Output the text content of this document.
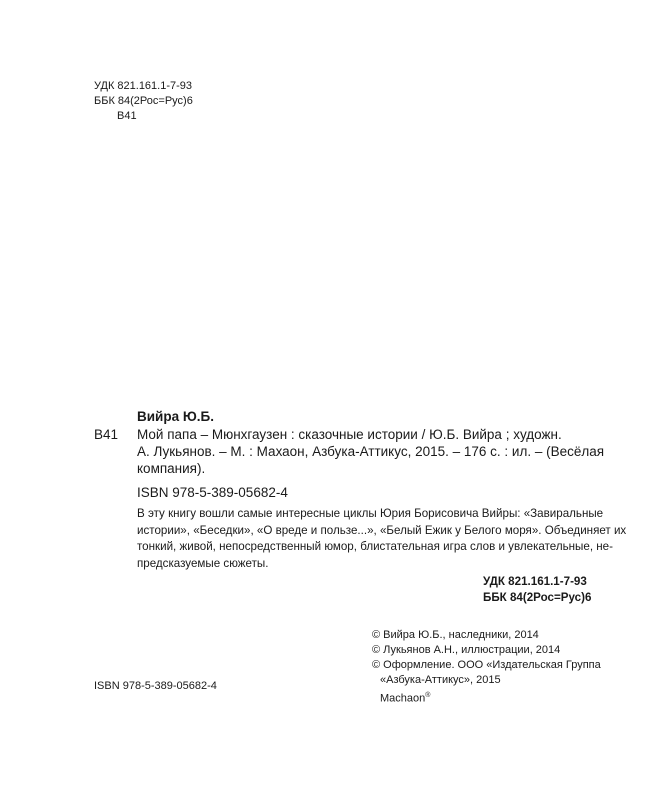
УДК 821.161.1-7-93
ББК 84(2Рос=Рус)6
В41
Вийра Ю.Б.
В41 Мой папа – Мюнхгаузен : сказочные истории / Ю.Б. Вийра ; художн.
А. Лукьянов. – М. : Махаон, Азбука-Аттикус, 2015. – 176 с. : ил. – (Весёлая
компания).
ISBN 978-5-389-05682-4
В эту книгу вошли самые интересные циклы Юрия Борисовича Вийры: «Завиральные
истории», «Беседки», «О вреде и пользе...», «Белый Ежик у Белого моря». Объединяет их
тонкий, живой, непосредственный юмор, блистательная игра слов и увлекательные, не-
предсказуемые сюжеты.
УДК 821.161.1-7-93
ББК 84(2Рос=Рус)6
© Вийра Ю.Б., наследники, 2014
© Лукьянов А.Н., иллюстрации, 2014
© Оформление. ООО «Издательская Группа
«Азбука-Аттикус», 2015
Machaon®
ISBN 978-5-389-05682-4
